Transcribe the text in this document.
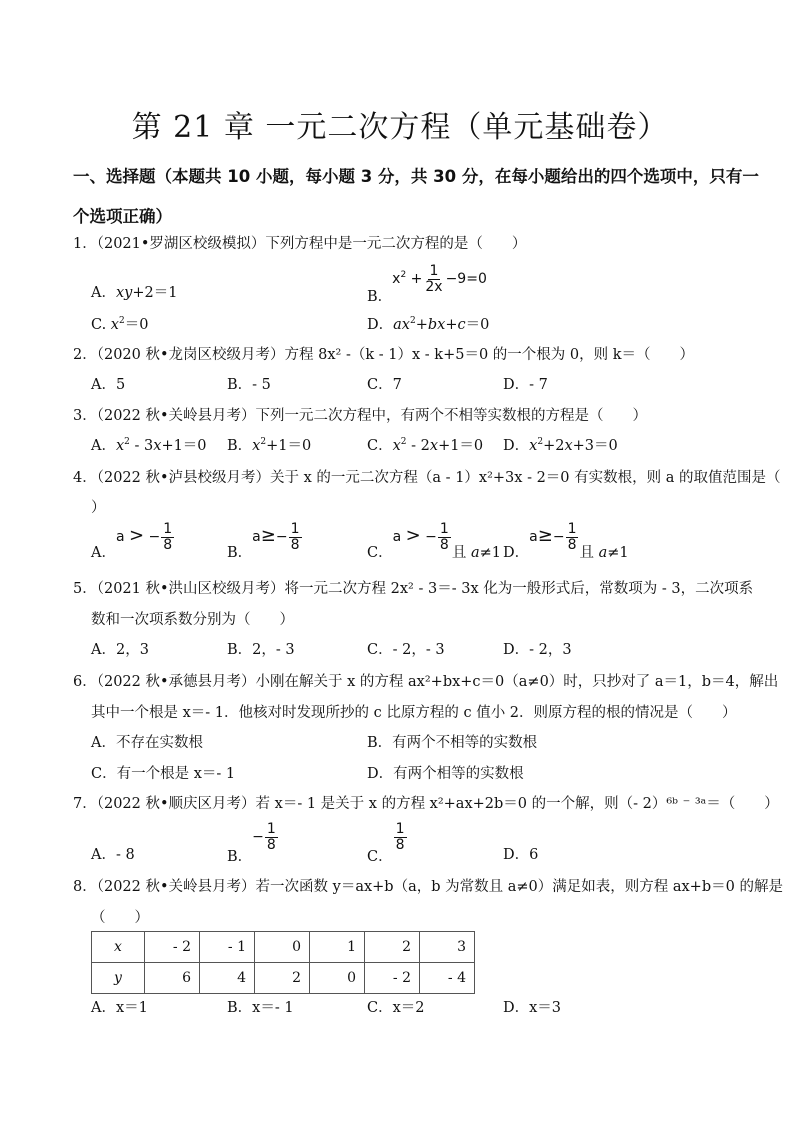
第 21 章 一元二次方程（单元基础卷）
一、选择题（本题共 10 小题，每小题 3 分，共 30 分，在每小题给出的四个选项中，只有一
个选项正确）
1．（2021•罗湖区校级模拟）下列方程中是一元二次方程的是（　　）
A．xy+2＝1	B．$x^2 + \frac{1}{2x} -9=0$
C. $x^2=0$	D．$ax^2+bx+c=0$
2．（2020 秋•龙岗区校级月考）方程 8x² -（k - 1）x - k+5＝0 的一个根为 0，则 k＝（　　）
A．5	B．- 5	C．7	D．- 7
3．（2022 秋•关岭县月考）下列一元二次方程中，有两个不相等实数根的方程是（　　）
A．$x^2 - 3x+1=0$ B．$x^2+1=0$	C．$x^2 - 2x+1=0$ D．$x^2+2x+3=0$
4．（2022 秋•泸县校级月考）关于 x 的一元二次方程（a - 1）x²+3x - 2＝0 有实数根，则 a 的取值范围是（
）
A．a > − $\frac{1}{8}$
B．$a\ge- \frac{1}{8}$
C．a > − $\frac{1}{8}$
且 a≠1 D．$a\ge- \frac{1}{8}$
且 a≠1
5．（2021 秋•洪山区校级月考）将一元二次方程 2x² - 3＝- 3x 化为一般形式后，常数项为 - 3，二次项系
数和一次项系数分别为（　　）
A．2，3	B．2，- 3	C．- 2，- 3	D．- 2，3
6．（2022 秋•承德县月考）小刚在解关于 x 的方程 ax²+bx+c＝0（a≠0）时，只抄对了 a＝1，b＝4，解出
其中一个根是 x＝- 1．他核对时发现所抄的 c 比原方程的 c 值小 2．则原方程的根的情况是（　　）
A．不存在实数根	B．有两个不相等的实数根
C．有一个根是 x＝- 1	D．有两个相等的实数根
7．（2022 秋•顺庆区月考）若 x＝- 1 是关于 x 的方程 x²+ax+2b＝0 的一个解，则（- 2）⁶ᵇ ⁻ ³ᵃ＝（　　）
A．- 8	B．− $\frac{1}{8}$
C．
$\frac{1}{8}$
D．6
8．（2022 秋•关岭县月考）若一次函数 y＝ax+b（a，b 为常数且 a≠0）满足如表，则方程 ax+b＝0 的解是
（　　）
x	- 2	- 1	0	1	2	3
y	6	4	2	0	- 2	- 4
A．x＝1	B．x＝- 1	C．x＝2	D．x＝3
